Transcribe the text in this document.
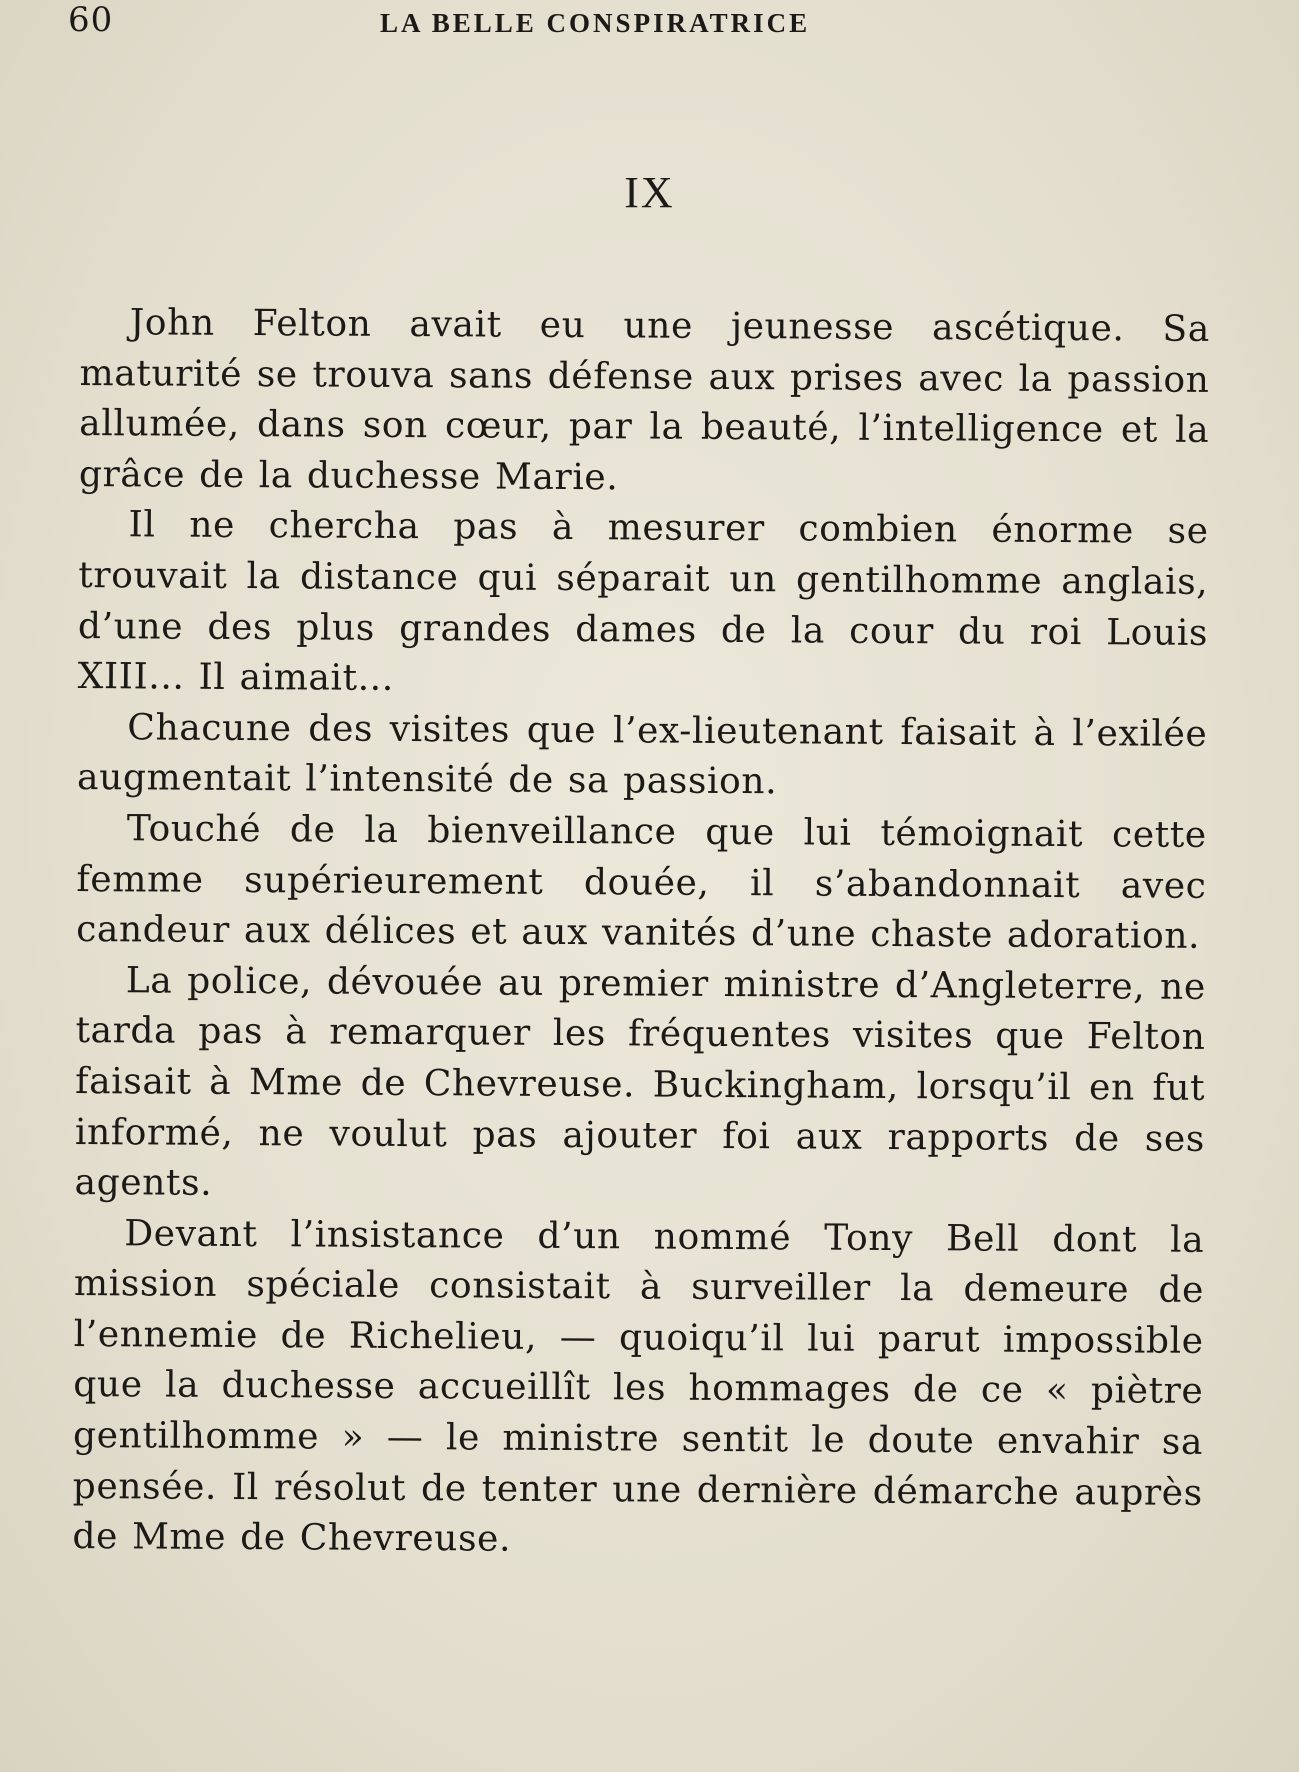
60	LA BELLE CONSPIRATRICE
IX

John Felton avait eu une jeunesse ascétique. Sa maturité se trouva sans défense aux prises avec la passion allumée, dans son cœur, par la beauté, l’intelligence et la grâce de la duchesse Marie.

Il ne chercha pas à mesurer combien énorme se trouvait la distance qui séparait un gentilhomme anglais, d’une des plus grandes dames de la cour du roi Louis XIII... Il aimait...

Chacune des visites que l’ex-lieutenant faisait à l’exilée augmentait l’intensité de sa passion.

Touché de la bienveillance que lui témoignait cette femme supérieurement douée, il s’abandonnait avec candeur aux délices et aux vanités d’une chaste adoration.

La police, dévouée au premier ministre d’Angleterre, ne tarda pas à remarquer les fréquentes visites que Felton faisait à Mme de Chevreuse. Buckingham, lorsqu’il en fut informé, ne voulut pas ajouter foi aux rapports de ses agents.

Devant l’insistance d’un nommé Tony Bell dont la mission spéciale consistait à surveiller la demeure de l’ennemie de Richelieu, — quoiqu’il lui parut impossible que la duchesse accueillît les hommages de ce « piètre gentilhomme » — le ministre sentit le doute envahir sa pensée. Il résolut de tenter une dernière démarche auprès de Mme de Chevreuse.
